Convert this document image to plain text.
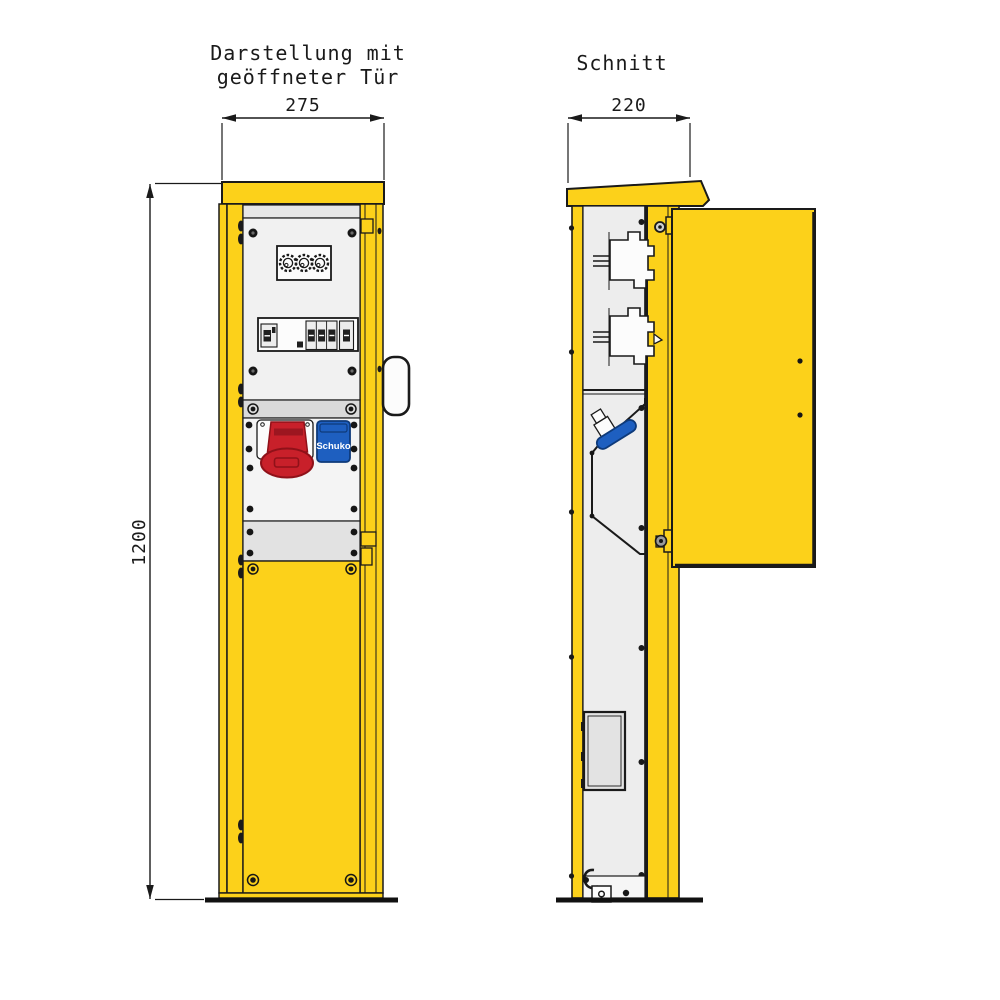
Darstellung mit
geöffneter Tür
275
1200
Schuko
Schnitt
220
